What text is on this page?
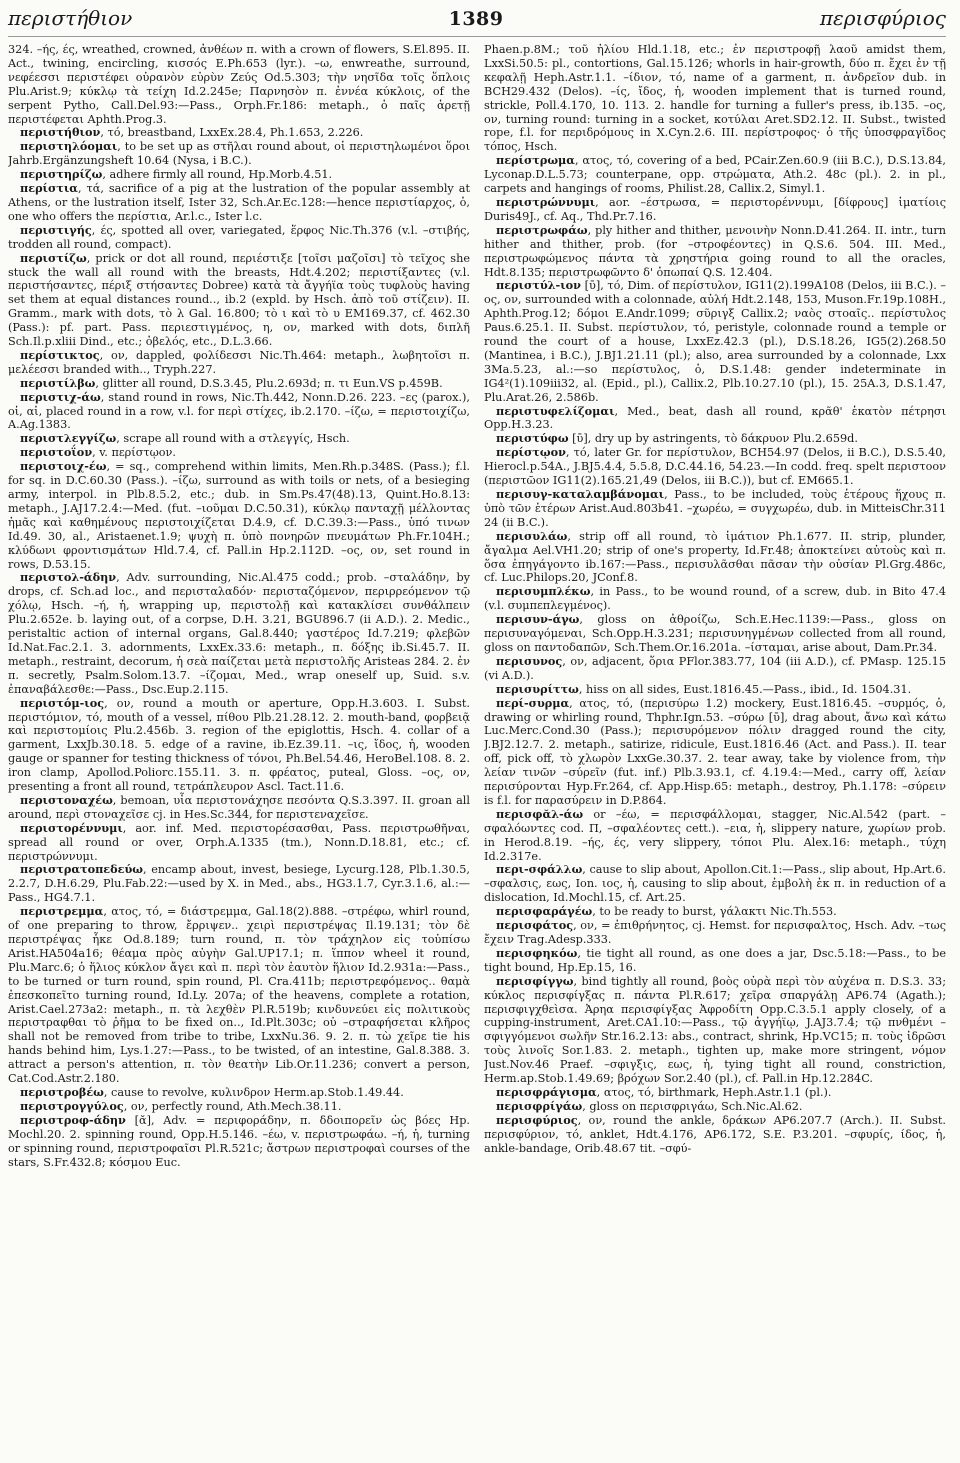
περιστήθιον	1389	περισφύριος

324. –ής, ές, wreathed, crowned, ἀνθέων π. with a crown of flowers, S.El.895. II. Act., twining, encircling, κισσός E.Ph.653 (lyr.). –ω, enwreathe, surround, νεφέεσσι περιστέφει οὐρανὸν εὐρὺν Ζεύς Od.5.303; τὴν νησῖδα τοῖς ὅπλοις Plu.Arist.9; κύκλῳ τὰ τείχη Id.2.245e; Παρνησὸν π. ἐννέα κύκλοις, of the serpent Pytho, Call.Del.93:—Pass., Orph.Fr.186: metaph., ὁ παῖς ἀρετῇ περιστέφεται Aphth.Prog.3.

περιστήθιον, τό, breastband, LxxEx.28.4, Ph.1.653, 2.226.

περιστηλόομαι, to be set up as στῆλαι round about, οἱ περιστηλωμένοι ὅροι Jahrb.Ergänzungsheft 10.64 (Nysa, i B.C.).

περιστηρίζω, adhere firmly all round, Hp.Morb.4.51.

περίστια, τά, sacrifice of a pig at the lustration of the popular assembly at Athens, or the lustration itself, Ister 32, Sch.Ar.Ec.128:—hence περιστίαρχος, ὁ, one who offers the περίστια, Ar.l.c., Ister l.c.

περιστιγής, ές, spotted all over, variegated, ἕρφος Nic.Th.376 (v.l. –στιβής, trodden all round, compact).

περιστίζω, prick or dot all round, περιέστιξε [τοῖσι μαζοῖσι] τὸ τεῖχος she stuck the wall all round with the breasts, Hdt.4.202; περιστίξαντες (v.l. περιστήσαντες, πέριξ στήσαντες Dobree) κατὰ τὰ ἄγγήϊα τοὺς τυφλοὺς having set them at equal distances round.., ib.2 (expld. by Hsch. ἀπὸ τοῦ στίζειν). II. Gramm., mark with dots, τὸ λ Gal. 16.800; τὸ ι καὶ τὸ υ EM169.37, cf. 462.30 (Pass.): pf. part. Pass. περιεστιγμένος, η, ον, marked with dots, διπλῆ Sch.Il.p.xliii Dind., etc.; ὀβελός, etc., D.L.3.66.

περίστικτος, ον, dappled, φολίδεσσι Nic.Th.464: metaph., λωβητοῖσι π. μελέεσσι branded with.., Tryph.227.

περιστίλβω, glitter all round, D.S.3.45, Plu.2.693d; π. τι Eun.VS p.459B.

περιστιχ-άω, stand round in rows, Nic.Th.442, Nonn.D.26. 223. –ες (parox.), οἱ, αἱ, placed round in a row, v.l. for περὶ στίχες, ib.2.170. –ίζω, = περιστοιχίζω, A.Ag.1383.

περιστλεγγίζω, scrape all round with a στλεγγίς, Hsch.

περιστοΐον, v. περίστῳον.

περιστοιχ-έω, = sq., comprehend within limits, Men.Rh.p.348S. (Pass.); f.l. for sq. in D.C.60.30 (Pass.). –ίζω, surround as with toils or nets, of a besieging army, interpol. in Plb.8.5.2, etc.; dub. in Sm.Ps.47(48).13, Quint.Ho.8.13: metaph., J.AJ17.2.4:—Med. (fut. –ιοῦμαι D.C.50.31), κύκλῳ πανταχῇ μέλλοντας ἡμᾶς καὶ καθημένους περιστοιχίζεται D.4.9, cf. D.C.39.3:—Pass., ὑπό τινων Id.49. 30, al., Aristaenet.1.9; ψυχὴ π. ὑπὸ πονηρῶν πνευμάτων Ph.Fr.104H.; κλύδωνι φροντισμάτων Hld.7.4, cf. Pall.in Hp.2.112D. –ος, ον, set round in rows, D.53.15.

περιστολ-άδην, Adv. surrounding, Nic.Al.475 codd.; prob. –σταλάδην, by drops, cf. Sch.ad loc., and περισταλαδόν· περισταζόμενον, περιρρεόμενον τῷ χόλῳ, Hsch. –ή, ἡ, wrapping up, περιστολῇ καὶ κατακλίσει συνθάλπειν Plu.2.652e. b. laying out, of a corpse, D.H. 3.21, BGU896.7 (ii A.D.). 2. Medic., peristaltic action of internal organs, Gal.8.440; γαστέρος Id.7.219; φλεβῶν Id.Nat.Fac.2.1. 3. adornments, LxxEx.33.6: metaph., π. δόξης ib.Si.45.7. II. metaph., restraint, decorum, ἡ σεὰ παίζεται μετὰ περιστολῆς Aristeas 284. 2. ἐν π. secretly, Psalm.Solom.13.7. –ίζομαι, Med., wrap oneself up, Suid. s.v. ἐπαναβάλεσθε:—Pass., Dsc.Eup.2.115.

περιστόμ-ιος, ον, round a mouth or aperture, Opp.H.3.603. I. Subst. περιστόμιον, τό, mouth of a vessel, πίθου Plb.21.28.12. 2. mouth-band, φορβειᾷ καὶ περιστομίοις Plu.2.456b. 3. region of the epiglottis, Hsch. 4. collar of a garment, LxxJb.30.18. 5. edge of a ravine, ib.Ez.39.11. –ις, ἴδος, ἡ, wooden gauge or spanner for testing thickness of τόνοι, Ph.Bel.54.46, HeroBel.108. 8. 2. iron clamp, Apollod.Poliorc.155.11. 3. π. φρέατος, puteal, Gloss. –ος, ον, presenting a front all round, τετράπλευρον Ascl. Tact.11.6.

περιστοναχέω, bemoan, υἷα περιστονάχησε πεσόντα Q.S.3.397. II. groan all around, περὶ στοναχεῖσε cj. in Hes.Sc.344, for περιστεναχεῖσε.

περιστορέννυμι, aor. inf. Med. περιστορέσασθαι, Pass. περιστρωθῆναι, spread all round or over, Orph.A.1335 (tm.), Nonn.D.18.81, etc.; cf. περιστρώννυμι.

περιστρατοπεδεύω, encamp about, invest, besiege, Lycurg.128, Plb.1.30.5, 2.2.7, D.H.6.29, Plu.Fab.22:—used by X. in Med., abs., HG3.1.7, Cyr.3.1.6, al.:—Pass., HG4.7.1.

περιστρεμμα, ατος, τό, = διάστρεμμα, Gal.18(2).888. –στρέφω, whirl round, of one preparing to throw, ἔρριψεν.. χειρὶ περιστρέψας Il.19.131; τὸν δὲ περιστρέψας ἧκε Od.8.189; turn round, π. τὸν τράχηλον εἰς τοὐπίσω Arist.HA504a16; θέαμα πρὸς αὐγὴν Gal.UP17.1; π. ἵππον wheel it round, Plu.Marc.6; ὁ ἥλιος κύκλον ἄγει καὶ π. περὶ τὸν ἑαυτὸν ἥλιον Id.2.931a:—Pass., to be turned or turn round, spin round, Pl. Cra.411b; περιστρεφόμενος.. θαμὰ ἐπεσκοπεῖτο turning round, Id.Ly. 207a; of the heavens, complete a rotation, Arist.Cael.273a2: metaph., π. τὰ λεχθὲν Pl.R.519b; κινδυνεύει εἰς πολιτικοὺς περιστραφθαι τὸ ῥῆμα to be fixed on.., Id.Plt.303c; οὐ –στραφήσεται κλῆρος shall not be removed from tribe to tribe, LxxNu.36. 9. 2. π. τὼ χεῖρε tie his hands behind him, Lys.1.27:—Pass., to be twisted, of an intestine, Gal.8.388. 3. attract a person's attention, π. τὸν θεατὴν Lib.Or.11.236; convert a person, Cat.Cod.Astr.2.180.

περιστροβέω, cause to revolve, κυλινδρον Herm.ap.Stob.1.49.44.

περιστρογγύλος, ον, perfectly round, Ath.Mech.38.11.

περιστροφ-άδην [ᾰ], Adv. = περιφοράδην, π. δδοιπορεῖν ὡς βόες Hp. Mochl.20. 2. spinning round, Opp.H.5.146. –έω, v. περιστρωφάω. –ή, ἡ, turning or spinning round, περιστροφαῖσι Pl.R.521c; ἄστρων περιστροφαὶ courses of the stars, S.Fr.432.8; κόσμου Euc.

Phaen.p.8M.; τοῦ ἡλίου Hld.1.18, etc.; ἐν περιστροφῇ λαοῦ amidst them, LxxSi.50.5: pl., contortions, Gal.15.126; whorls in hair-growth, δύο π. ἔχει ἐν τῇ κεφαλῇ Heph.Astr.1.1. –ίδιον, τό, name of a garment, π. ἀνδρεῖον dub. in BCH29.432 (Delos). –ίς, ἴδος, ἡ, wooden implement that is turned round, strickle, Poll.4.170, 10. 113. 2. handle for turning a fuller's press, ib.135. –ος, ον, turning round: turning in a socket, κοτύλαι Aret.SD2.12. II. Subst., twisted rope, f.l. for περιδρόμους in X.Cyn.2.6. III. περίστροφος· ὁ τῆς ὑποσφραγῖδος τόπος, Hsch.

περίστρωμα, ατος, τό, covering of a bed, PCair.Zen.60.9 (iii B.C.), D.S.13.84, Lyconap.D.L.5.73; counterpane, opp. στρώματα, Ath.2. 48c (pl.). 2. in pl., carpets and hangings of rooms, Philist.28, Callix.2, Simyl.1.

περιστρώννυμι, aor. –έστρωσα, = περιστορέννυμι, [δίφρους] ἱματίοις Duris49J., cf. Aq., Thd.Pr.7.16.

περιστρωφάω, ply hither and thither, μενοινὴν Nonn.D.41.264. II. intr., turn hither and thither, prob. (for –στροφέοντες) in Q.S.6. 504. III. Med., περιστρωφώμενος πάντα τὰ χρηστήρια going round to all the oracles, Hdt.8.135; περιστρωφῶντο δ' ὀπωπαί Q.S. 12.404.

περιστύλ-ιον [ῡ], τό, Dim. of περίστυλον, IG11(2).199A108 (Delos, iii B.C.). –ος, ον, surrounded with a colonnade, αὐλή Hdt.2.148, 153, Muson.Fr.19p.108H., Aphth.Prog.12; δόμοι E.Andr.1099; σῦριγξ Callix.2; ναὸς στοαῖς.. περίστυλος Paus.6.25.1. II. Subst. περίστυλον, τό, peristyle, colonnade round a temple or round the court of a house, LxxEz.42.3 (pl.), D.S.18.26, IG5(2).268.50 (Mantinea, i B.C.), J.BJ1.21.11 (pl.); also, area surrounded by a colonnade, Lxx 3Ma.5.23, al.:—so περίστυλος, ὁ, D.S.1.48: gender indeterminate in IG4²(1).109iii32, al. (Epid., pl.), Callix.2, Plb.10.27.10 (pl.), 15. 25A.3, D.S.1.47, Plu.Arat.26, 2.586b.

περιστυφελίζομαι, Med., beat, dash all round, κρᾶθ' ἑκατὸν πέτρησι Opp.H.3.23.

περιστύφω [ῡ], dry up by astringents, τὸ δάκρυον Plu.2.659d.

περίστῳον, τό, later Gr. for περίστυλον, BCH54.97 (Delos, ii B.C.), D.S.5.40, Hierocl.p.54A., J.BJ5.4.4, 5.5.8, D.C.44.16, 54.23.—In codd. freq. spelt περιστοον (περιστῶον IG11(2).165.21,49 (Delos, iii B.C.)), but cf. EM665.1.

περισυγ-καταλαμβάνομαι, Pass., to be included, τοὺς ἑτέρους ἥχους π. ὑπὸ τῶν ἑτέρων Arist.Aud.803b41. –χωρέω, = συγχωρέω, dub. in MitteisChr.311 24 (ii B.C.).

περισυλάω, strip off all round, τὸ ἱμάτιον Ph.1.677. II. strip, plunder, ἄγαλμα Ael.VH1.20; strip of one's property, Id.Fr.48; ἀποκτείνει αὐτοὺς καὶ π. ὅσα ἐπηγάγοντο ib.167:—Pass., περισυλᾶσθαι πᾶσαν τὴν οὐσίαν Pl.Grg.486c, cf. Luc.Philops.20, JConf.8.

περισυμπλέκω, in Pass., to be wound round, of a screw, dub. in Bito 47.4 (v.l. συμπεπλεγμένος).

περισυν-άγω, gloss on ἀθροίζω, Sch.E.Hec.1139:—Pass., gloss on περισυναγόμεναι, Sch.Opp.H.3.231; περισυνηγμένων collected from all round, gloss on παντοδαπῶν, Sch.Them.Or.16.201a. –ίσταμαι, arise about, Dam.Pr.34.

περισυνος, ον, adjacent, ὅρια PFlor.383.77, 104 (iii A.D.), cf. PMasp. 125.15 (vi A.D.).

περισυρίττω, hiss on all sides, Eust.1816.45.—Pass., ibid., Id. 1504.31.

περί-συρμα, ατος, τό, (περισύρω 1.2) mockery, Eust.1816.45. –συρμός, ὁ, drawing or whirling round, Thphr.Ign.53. –σύρω [ῡ], drag about, ἄνω καὶ κάτω Luc.Merc.Cond.30 (Pass.); περισυρόμενον πόλιν dragged round the city, J.BJ2.12.7. 2. metaph., satirize, ridicule, Eust.1816.46 (Act. and Pass.). II. tear off, pick off, τὸ χλωρὸν LxxGe.30.37. 2. tear away, take by violence from, τὴν λείαν τινῶν –σύρεῖν (fut. inf.) Plb.3.93.1, cf. 4.19.4:—Med., carry off, λείαν περισύρονται Hyp.Fr.264, cf. App.Hisp.65: metaph., destroy, Ph.1.178: –σύρειν is f.l. for παρασύρειν in D.P.864.

περισφᾰλ-άω or –έω, = περισφάλλομαι, stagger, Nic.Al.542 (part. –σφαλόωντες cod. Π, –σφαλέοντες cett.). –εια, ἡ, slippery nature, χωρίων prob. in Herod.8.19. –ής, ές, very slippery, τόποι Plu. Alex.16: metaph., τύχη Id.2.317e.

περι-σφάλλω, cause to slip about, Apollon.Cit.1:—Pass., slip about, Hp.Art.6. –σφαλσις, εως, Ion. ιος, ἡ, causing to slip about, ἐμβολὴ ἐκ π. in reduction of a dislocation, Id.Mochl.15, cf. Art.25.

περισφαράγέω, to be ready to burst, γάλακτι Nic.Th.553.

περισφάτος, ον, = ἐπιθρήνητος, cj. Hemst. for περισφαλτος, Hsch. Adv. –τως ἔχειν Trag.Adesp.333.

περισφηκόω, tie tight all round, as one does a jar, Dsc.5.18:—Pass., to be tight bound, Hp.Ep.15, 16.

περισφίγγω, bind tightly all round, βοὸς οὐρὰ περὶ τὸν αὐχένα π. D.S.3. 33; κύκλος περισφίγξας π. πάντα Pl.R.617; χεῖρα σπαργάλῃ AP6.74 (Agath.); περισφιγχθεὶσα. Ἀρηα περισφίγξας Ἀφροδίτη Opp.C.3.5.1 apply closely, of a cupping-instrument, Aret.CA1.10:—Pass., τῷ ἀγγήϊῳ, J.AJ3.7.4; τῷ πνθμένι –σφιγγόμενοι σωλῆν Str.16.2.13: abs., contract, shrink, Hp.VC15; π. τοὺς ἰδρῶσι τοὺς λινοῖς Sor.1.83. 2. metaph., tighten up, make more stringent, νόμον Just.Nov.46 Praef. –σφιγξις, εως, ἡ, tying tight all round, constriction, Herm.ap.Stob.1.49.69; βρόχων Sor.2.40 (pl.), cf. Pall.in Hp.12.284C.

περισφράγισμα, ατος, τό, birthmark, Heph.Astr.1.1 (pl.).

περισφρίγάω, gloss on περισφριγάω, Sch.Nic.Al.62.

περισφύριος, ον, round the ankle, δράκων AP6.207.7 (Arch.). II. Subst. περισφύριον, τό, anklet, Hdt.4.176, AP6.172, S.E. P.3.201. –σφυρίς, ίδος, ἡ, ankle-bandage, Orib.48.67 tit. –σφύ-
